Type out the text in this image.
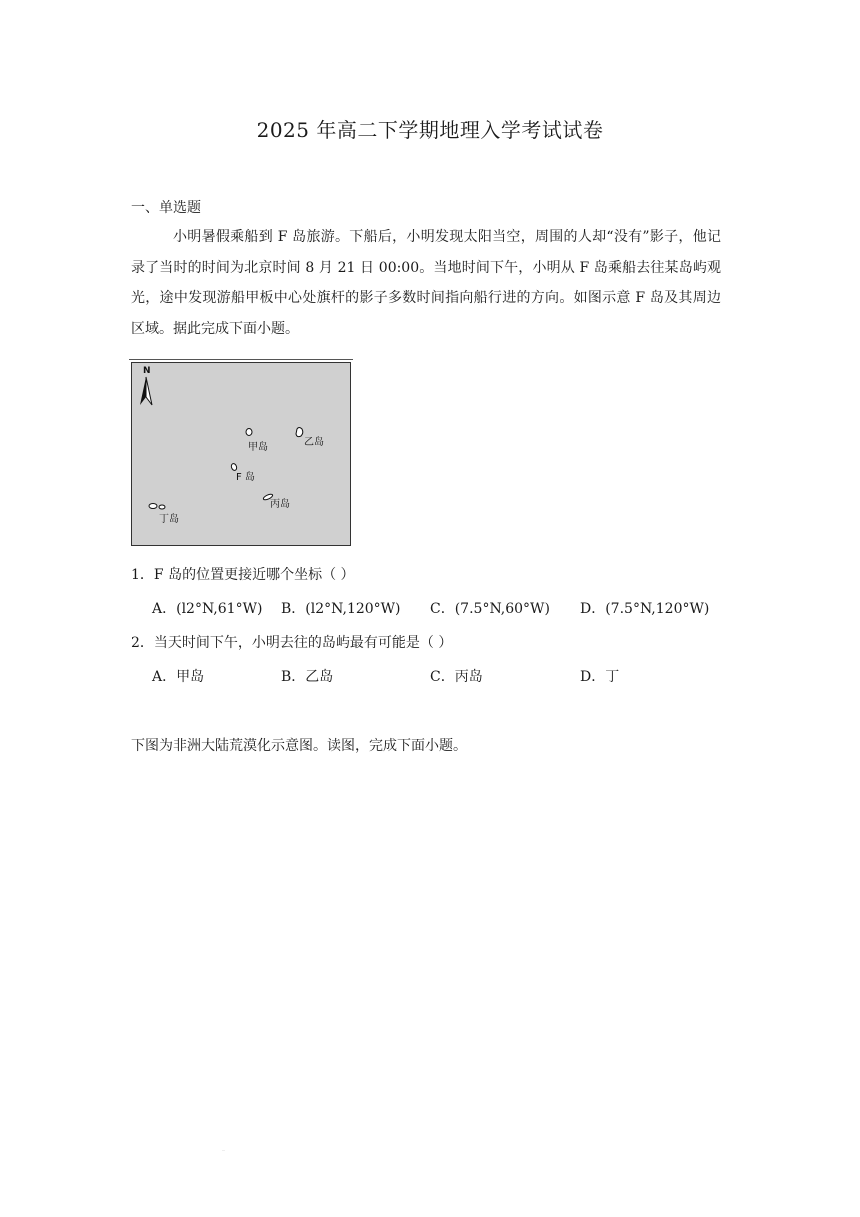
2025 年高二下学期地理入学考试试卷
一、单选题
小明暑假乘船到 F 岛旅游。下船后，小明发现太阳当空，周围的人却“没有”影子，他记录了当时的时间为北京时间 8 月 21 日 00:00。当地时间下午，小明从 F 岛乘船去往某岛屿观光，途中发现游船甲板中心处旗杆的影子多数时间指向船行进的方向。如图示意 F 岛及其周边区域。据此完成下面小题。
N
甲岛	乙岛
F 岛
丙岛
丁岛
1．F 岛的位置更接近哪个坐标（ ）
A．(l2°N,61°W) B．(l2°N,120°W) C．(7.5°N,60°W) D．(7.5°N,120°W)
2．当天时间下午，小明去往的岛屿最有可能是（ ）
A．甲岛	B．乙岛	C．丙岛	D．丁
下图为非洲大陆荒漠化示意图。读图，完成下面小题。
